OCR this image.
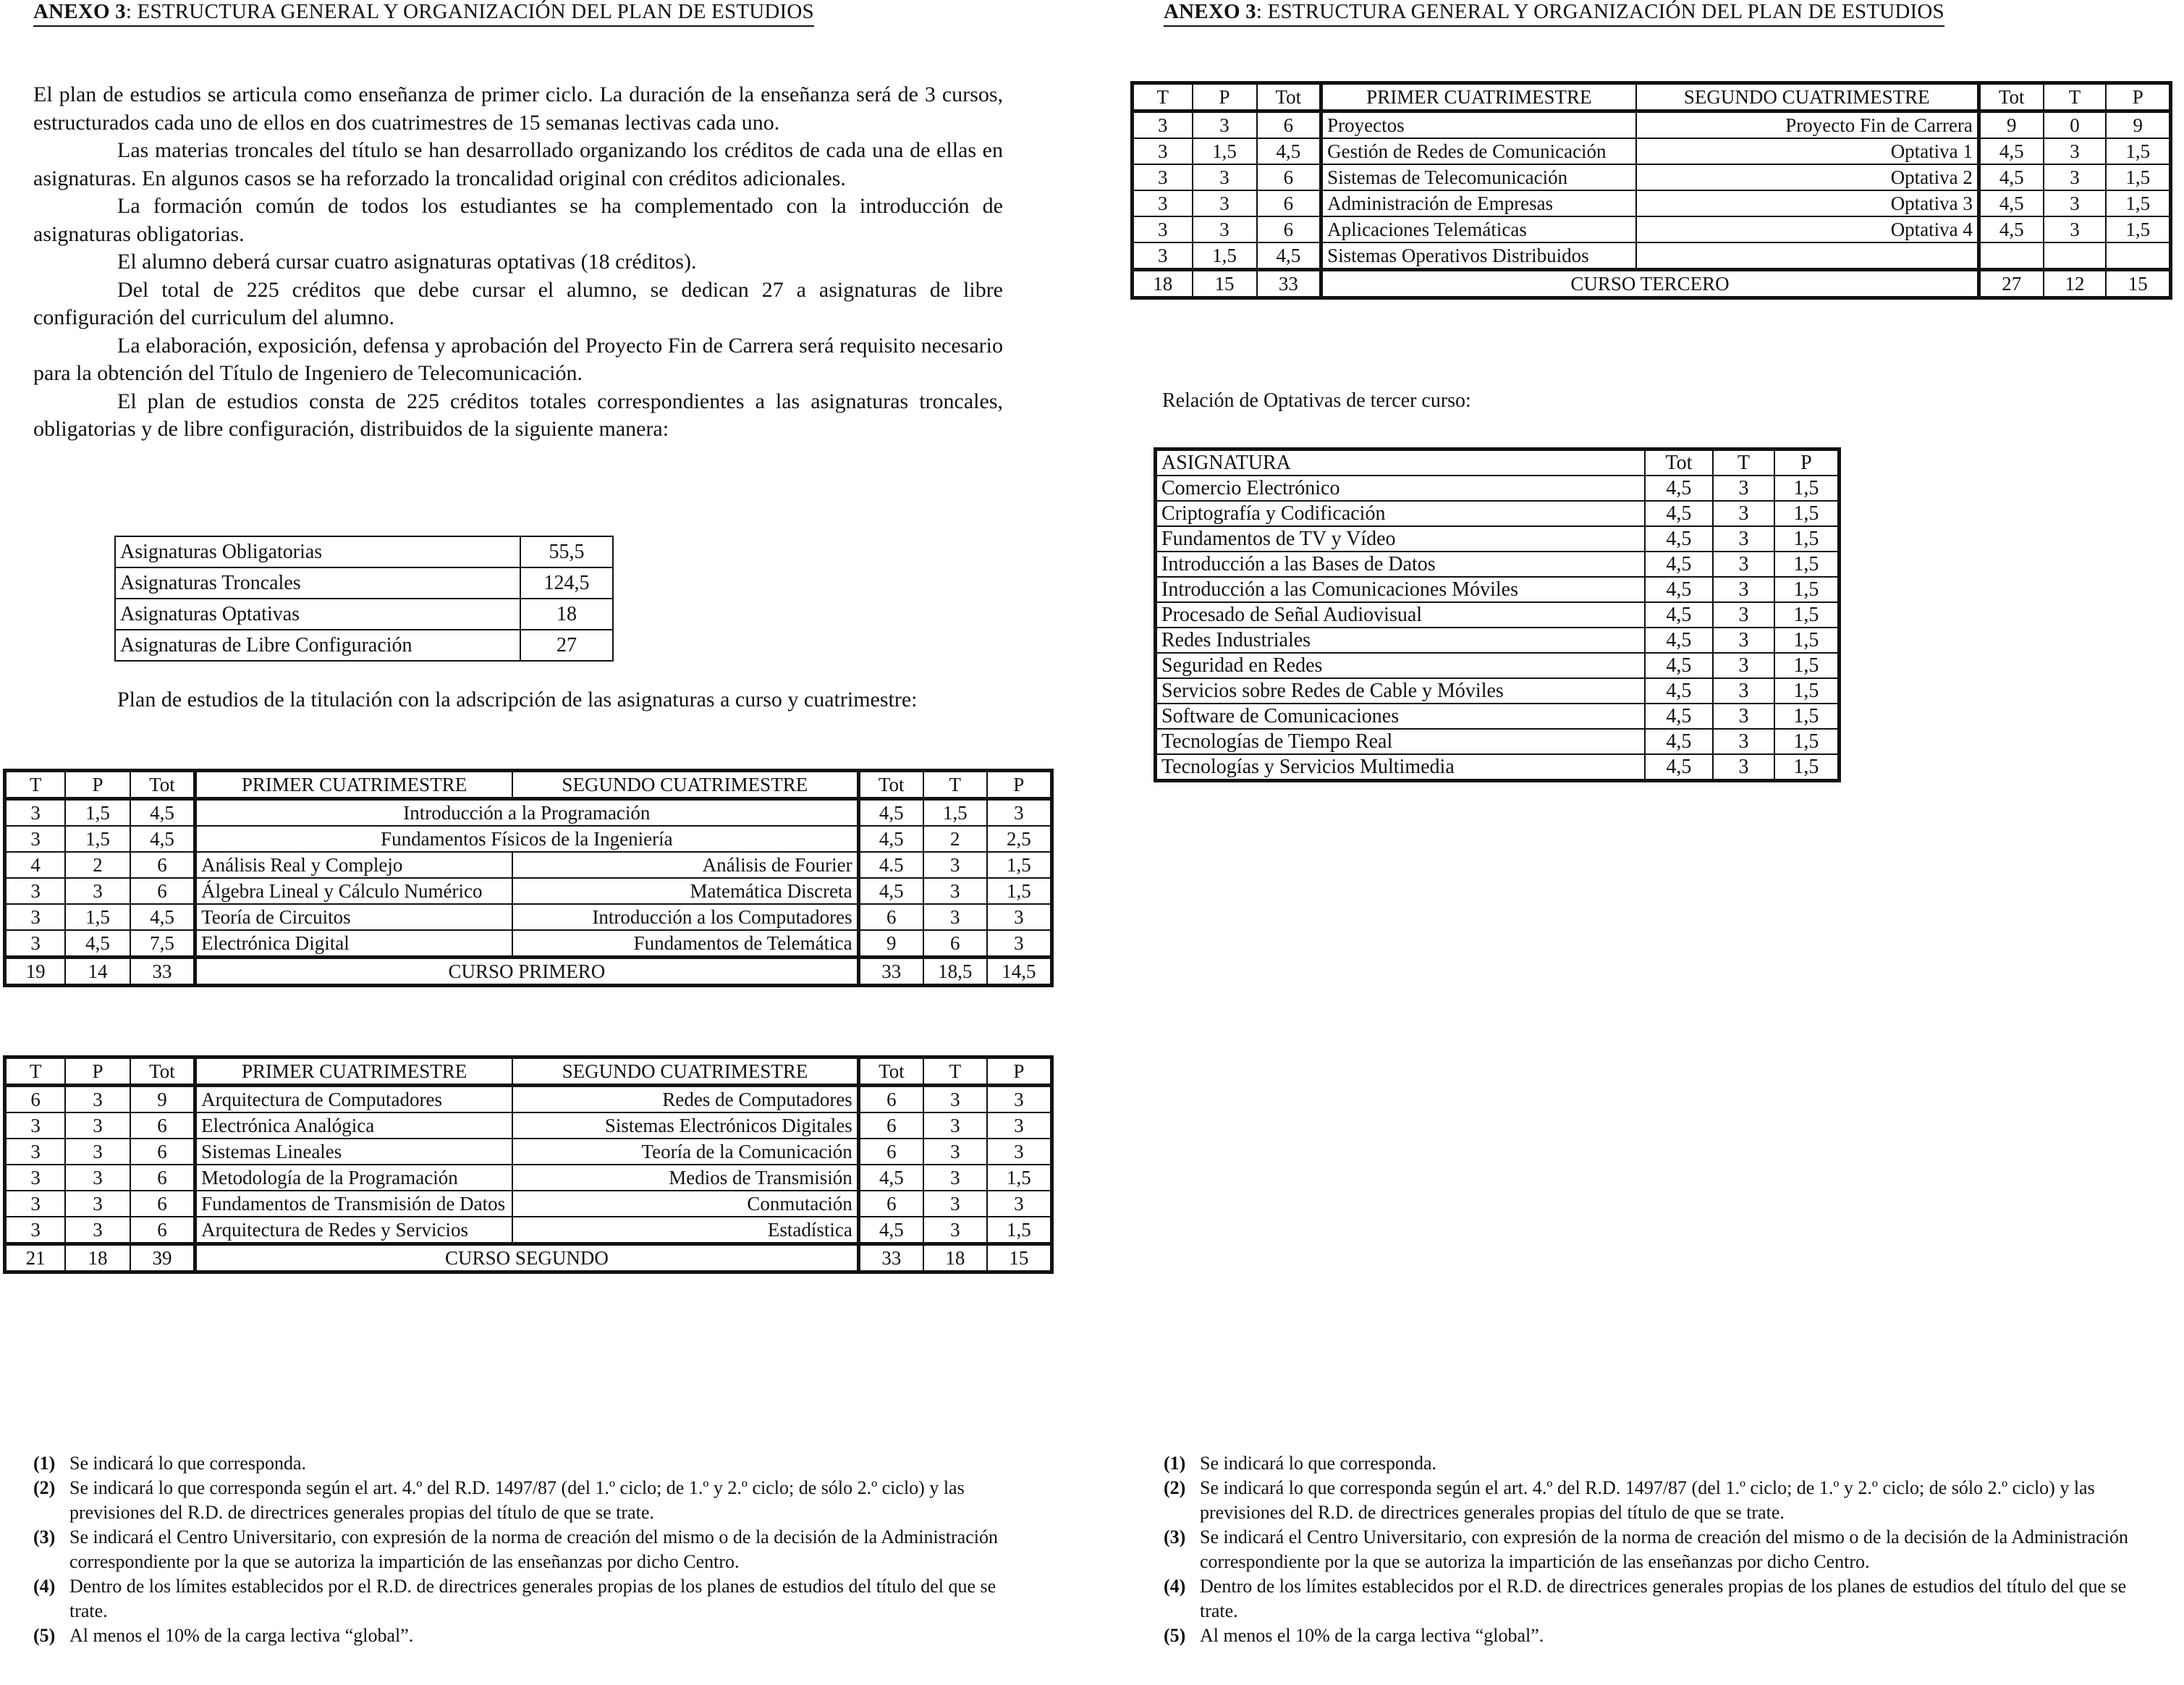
ANEXO 3: ESTRUCTURA GENERAL Y ORGANIZACIÓN DEL PLAN DE ESTUDIOS

El plan de estudios se articula como enseñanza de primer ciclo. La duración de la enseñanza será de 3 cursos, estructurados cada uno de ellos en dos cuatrimestres de 15 semanas lectivas cada uno.

Las materias troncales del título se han desarrollado organizando los créditos de cada una de ellas en asignaturas. En algunos casos se ha reforzado la troncalidad original con créditos adicionales.

La formación común de todos los estudiantes se ha complementado con la introducción de asignaturas obligatorias.

El alumno deberá cursar cuatro asignaturas optativas (18 créditos).

Del total de 225 créditos que debe cursar el alumno, se dedican 27 a asignaturas de libre configuración del curriculum del alumno.

La elaboración, exposición, defensa y aprobación del Proyecto Fin de Carrera será requisito necesario para la obtención del Título de Ingeniero de Telecomunicación.

El plan de estudios consta de 225 créditos totales correspondientes a las asignaturas troncales, obligatorias y de libre configuración, distribuidos de la siguiente manera:

Asignaturas Obligatorias	55,5
Asignaturas Troncales	124,5
Asignaturas Optativas	18
Asignaturas de Libre Configuración	27
Plan de estudios de la titulación con la adscripción de las asignaturas a curso y cuatrimestre:
T	P	Tot	PRIMER CUATRIMESTRE	SEGUNDO CUATRIMESTRE	Tot	T	P
3	1,5	4,5	Introducción a la Programación		4,5	1,5	3
3	1,5	4,5	Fundamentos Físicos de la Ingeniería		4,5	2	2,5
4	2	6	Análisis Real y Complejo	Análisis de Fourier	4.5	3	1,5
3	3	6	Álgebra Lineal y Cálculo Numérico	Matemática Discreta	4,5	3	1,5
3	1,5	4,5	Teoría de Circuitos	Introducción a los Computadores	6	3	3
3	4,5	7,5	Electrónica Digital	Fundamentos de Telemática	9	6	3
19	14	33	CURSO PRIMERO		33	18,5	14,5
T	P	Tot	PRIMER CUATRIMESTRE	SEGUNDO CUATRIMESTRE	Tot	T	P
6	3	9	Arquitectura de Computadores	Redes de Computadores	6	3	3
3	3	6	Electrónica Analógica	Sistemas Electrónicos Digitales	6	3	3
3	3	6	Sistemas Lineales	Teoría de la Comunicación	6	3	3
3	3	6	Metodología de la Programación	Medios de Transmisión	4,5	3	1,5
3	3	6	Fundamentos de Transmisión de Datos	Conmutación	6	3	3
3	3	6	Arquitectura de Redes y Servicios	Estadística	4,5	3	1,5
21	18	39	CURSO SEGUNDO		33	18	15
(1) Se indicará lo que corresponda.
(2) Se indicará lo que corresponda según el art. 4.º del R.D. 1497/87 (del 1.º ciclo; de 1.º y 2.º ciclo; de sólo 2.º ciclo) y las previsiones del R.D. de directrices generales propias del título de que se trate.
(3) Se indicará el Centro Universitario, con expresión de la norma de creación del mismo o de la decisión de la Administración correspondiente por la que se autoriza la impartición de las enseñanzas por dicho Centro.
(4) Dentro de los límites establecidos por el R.D. de directrices generales propias de los planes de estudios del título del que se trate.
(5) Al menos el 10% de la carga lectiva “global”.
ANEXO 3: ESTRUCTURA GENERAL Y ORGANIZACIÓN DEL PLAN DE ESTUDIOS
T	P	Tot	PRIMER CUATRIMESTRE	SEGUNDO CUATRIMESTRE	Tot	T	P
3	3	6	Proyectos	Proyecto Fin de Carrera	9	0	9
3	1,5	4,5	Gestión de Redes de Comunicación	Optativa 1	4,5	3	1,5
3	3	6	Sistemas de Telecomunicación	Optativa 2	4,5	3	1,5
3	3	6	Administración de Empresas	Optativa 3	4,5	3	1,5
3	3	6	Aplicaciones Telemáticas	Optativa 4	4,5	3	1,5
3	1,5	4,5	Sistemas Operativos Distribuidos				
18	15	33	CURSO TERCERO		27	12	15
Relación de Optativas de tercer curso:
ASIGNATURA	Tot	T	P
Comercio Electrónico	4,5	3	1,5
Criptografía y Codificación	4,5	3	1,5
Fundamentos de TV y Vídeo	4,5	3	1,5
Introducción a las Bases de Datos	4,5	3	1,5
Introducción a las Comunicaciones Móviles	4,5	3	1,5
Procesado de Señal Audiovisual	4,5	3	1,5
Redes Industriales	4,5	3	1,5
Seguridad en Redes	4,5	3	1,5
Servicios sobre Redes de Cable y Móviles	4,5	3	1,5
Software de Comunicaciones	4,5	3	1,5
Tecnologías de Tiempo Real	4,5	3	1,5
Tecnologías y Servicios Multimedia	4,5	3	1,5
(1) Se indicará lo que corresponda.
(2) Se indicará lo que corresponda según el art. 4.º del R.D. 1497/87 (del 1.º ciclo; de 1.º y 2.º ciclo; de sólo 2.º ciclo) y las previsiones del R.D. de directrices generales propias del título de que se trate.
(3) Se indicará el Centro Universitario, con expresión de la norma de creación del mismo o de la decisión de la Administración correspondiente por la que se autoriza la impartición de las enseñanzas por dicho Centro.
(4) Dentro de los límites establecidos por el R.D. de directrices generales propias de los planes de estudios del título del que se trate.
(5) Al menos el 10% de la carga lectiva “global”.
